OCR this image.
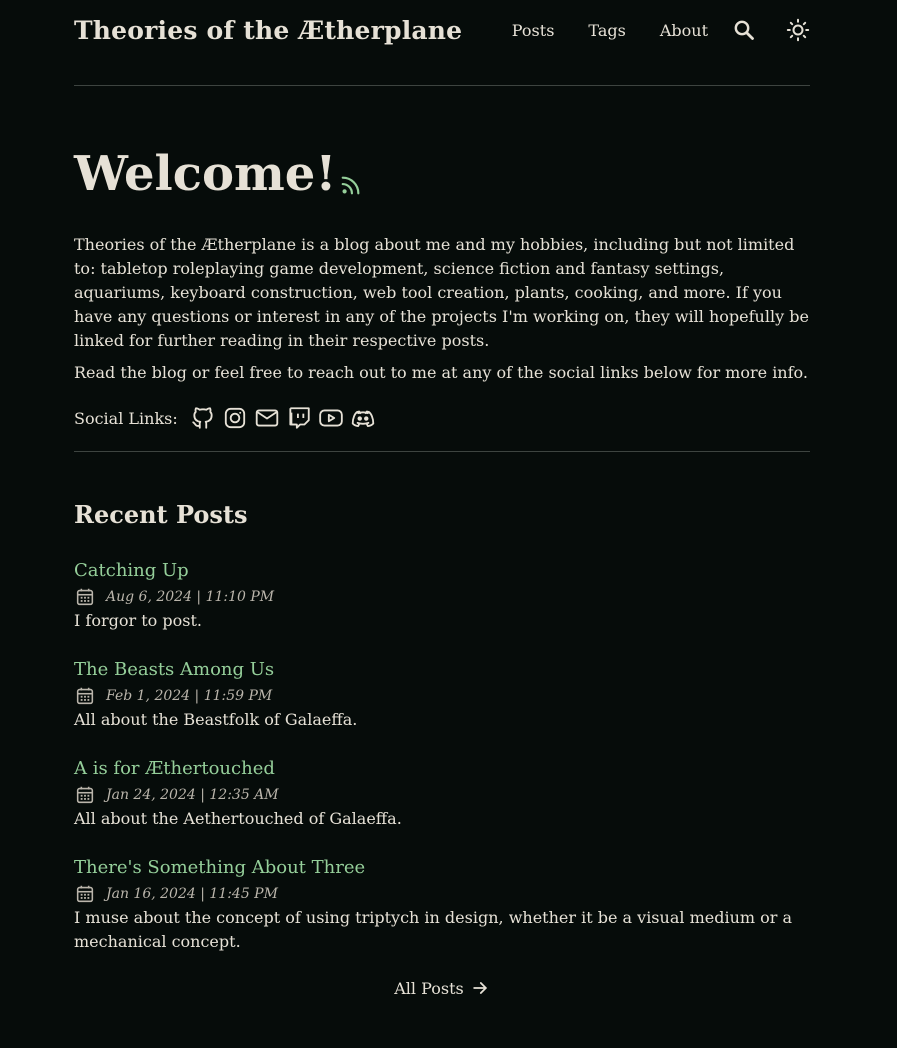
Theories of the Ætherplane	Posts Tags About
Welcome!

Theories of the Ætherplane is a blog about me and my hobbies, including but not limited to: tabletop roleplaying game development, science fiction and fantasy settings, aquariums, keyboard construction, web tool creation, plants, cooking, and more. If you have any questions or interest in any of the projects I'm working on, they will hopefully be linked for further reading in their respective posts.

Read the blog or feel free to reach out to me at any of the social links below for more info.

Social Links:
Recent Posts
Catching Up
Aug 6, 2024 | 11:10 PM
I forgor to post.
The Beasts Among Us
Feb 1, 2024 | 11:59 PM
All about the Beastfolk of Galaeffa.
A is for Æthertouched
Jan 24, 2024 | 12:35 AM
All about the Aethertouched of Galaeffa.
There's Something About Three
Jan 16, 2024 | 11:45 PM
I muse about the concept of using triptych in design, whether it be a visual medium or a mechanical concept.
All Posts
